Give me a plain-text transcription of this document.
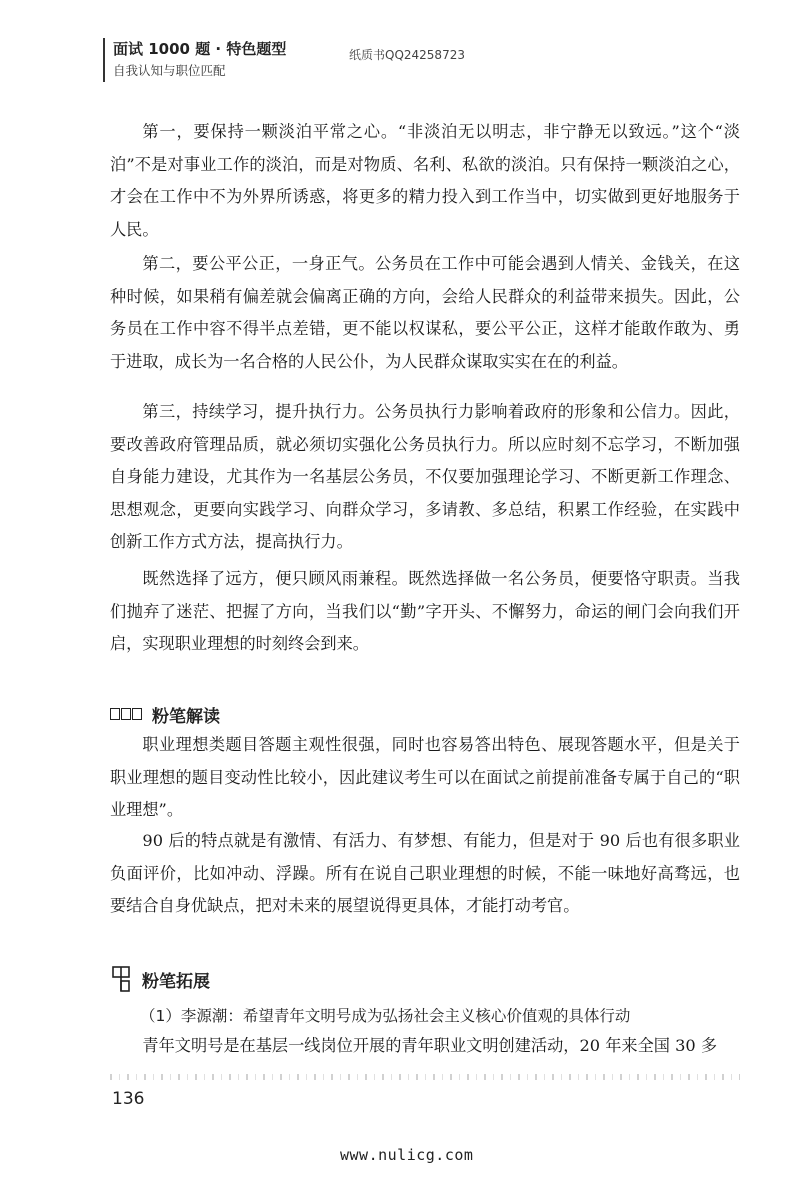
面试 1000 题 · 特色题型
自我认知与职位匹配
纸质书QQ24258723

第一，要保持一颗淡泊平常之心。“非淡泊无以明志，非宁静无以致远。”这个“淡泊”不是对事业工作的淡泊，而是对物质、名利、私欲的淡泊。只有保持一颗淡泊之心，才会在工作中不为外界所诱惑，将更多的精力投入到工作当中，切实做到更好地服务于人民。

第二，要公平公正，一身正气。公务员在工作中可能会遇到人情关、金钱关，在这种时候，如果稍有偏差就会偏离正确的方向，会给人民群众的利益带来损失。因此，公务员在工作中容不得半点差错，更不能以权谋私，要公平公正，这样才能敢作敢为、勇于进取，成长为一名合格的人民公仆，为人民群众谋取实实在在的利益。

第三，持续学习，提升执行力。公务员执行力影响着政府的形象和公信力。因此，要改善政府管理品质，就必须切实强化公务员执行力。所以应时刻不忘学习，不断加强自身能力建设，尤其作为一名基层公务员，不仅要加强理论学习、不断更新工作理念、思想观念，更要向实践学习、向群众学习，多请教、多总结，积累工作经验，在实践中创新工作方式方法，提高执行力。

既然选择了远方，便只顾风雨兼程。既然选择做一名公务员，便要恪守职责。当我们抛弃了迷茫、把握了方向，当我们以“勤”字开头、不懈努力，命运的闸门会向我们开启，实现职业理想的时刻终会到来。

粉笔解读

职业理想类题目答题主观性很强，同时也容易答出特色、展现答题水平，但是关于职业理想的题目变动性比较小，因此建议考生可以在面试之前提前准备专属于自己的“职业理想”。

90 后的特点就是有激情、有活力、有梦想、有能力，但是对于 90 后也有很多职业负面评价，比如冲动、浮躁。所有在说自己职业理想的时候，不能一味地好高骛远，也要结合自身优缺点，把对未来的展望说得更具体，才能打动考官。

粉笔拓展
（1）李源潮：希望青年文明号成为弘扬社会主义核心价值观的具体行动

青年文明号是在基层一线岗位开展的青年职业文明创建活动，20 年来全国 30 多

136
www.nulicg.com
